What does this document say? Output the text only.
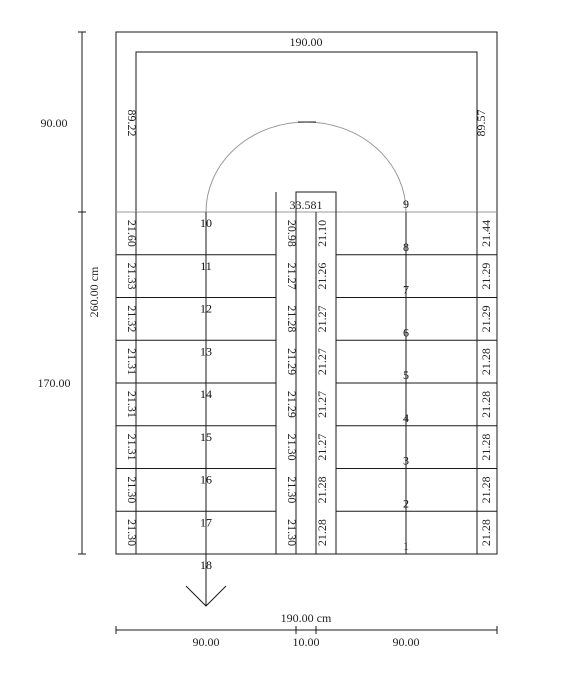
21.60	20.98
11
21.33	21.27
12
21.32	21.28
13
21.31	21.29
14
21.31	21.29
15
21.31	21.30
16
21.30	21.30
17
21.30	21.30
18
21.10	21.44
8
21.26	21.29
7
21.27	21.29
6
21.27	21.28
5
21.27	21.28
4
21.27	21.28
3
21.28	21.28
2
21.28	21.28
1
190.00
89.22	89.57
90.00
170.00
260.00 cm
190.00 cm
90.00	10.00	90.00
33.581	9
10
